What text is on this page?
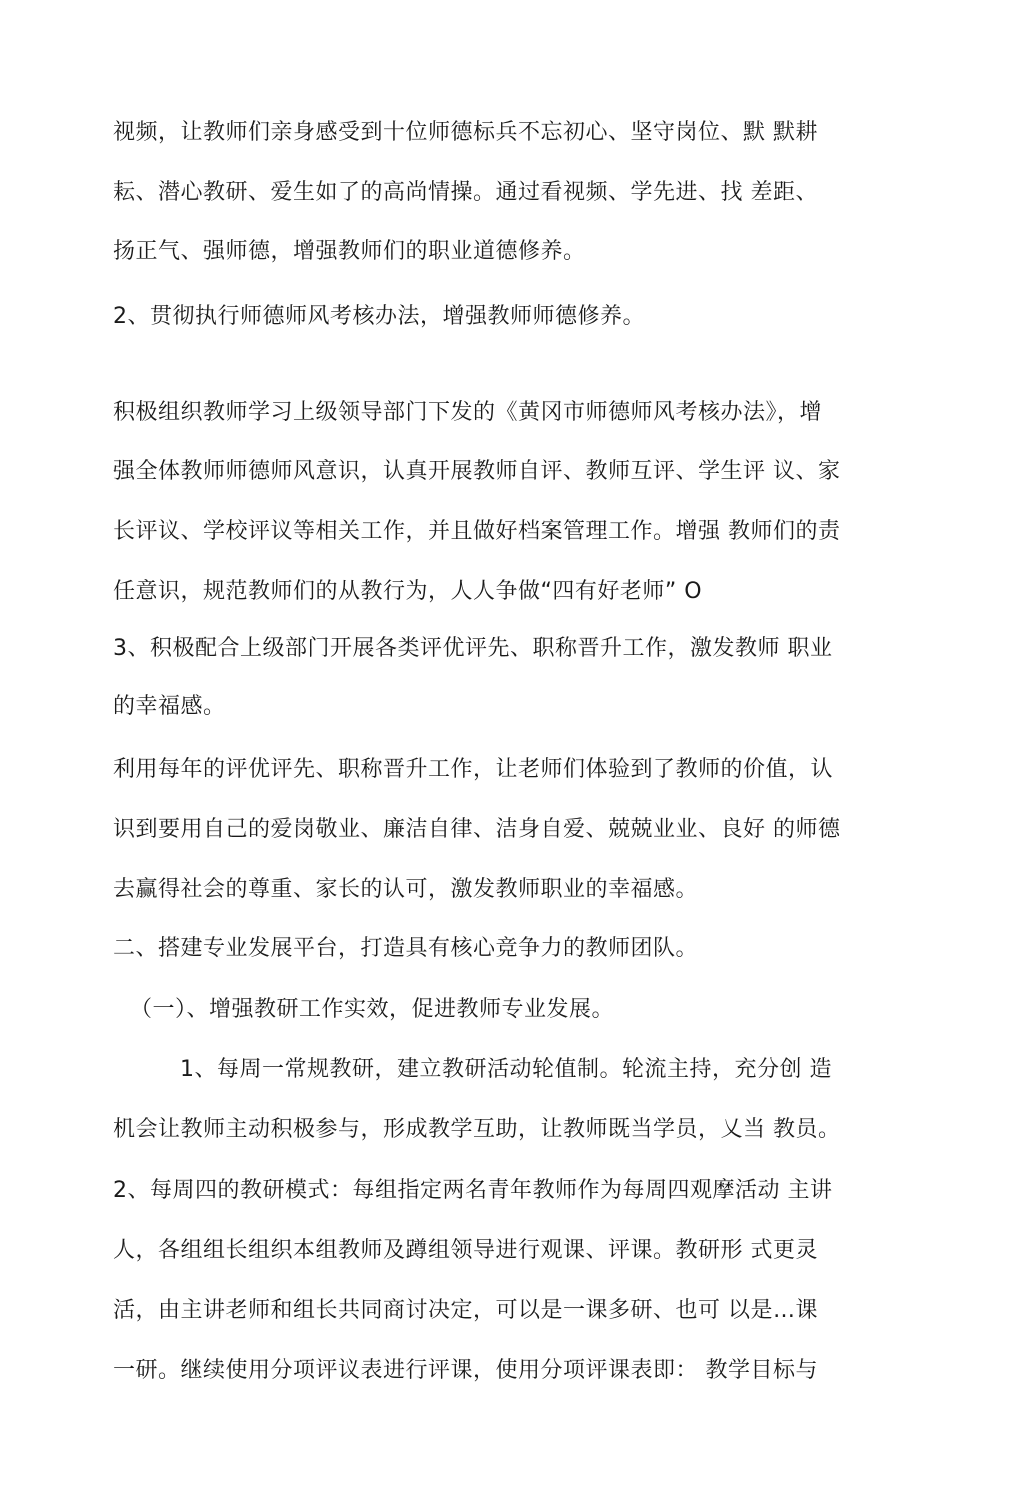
视频，让教师们亲身感受到十位师德标兵不忘初心、坚守岗位、默 默耕
耘、潜心教研、爱生如了的高尚情操。通过看视频、学先进、找 差距、
扬正气、强师德，增强教师们的职业道德修养。
2、贯彻执行师德师风考核办法，增强教师师德修养。
积极组织教师学习上级领导部门下发的《黄冈市师德师风考核办法》，增
强全体教师师德师风意识，认真开展教师自评、教师互评、学生评 议、家
长评议、学校评议等相关工作，并且做好档案管理工作。增强 教师们的责
任意识，规范教师们的从教行为，人人争做“四有好老师” O
3、积极配合上级部门开展各类评优评先、职称晋升工作，激发教师 职业
的幸福感。
利用每年的评优评先、职称晋升工作，让老师们体验到了教师的价值，认
识到要用自己的爱岗敬业、廉洁自律、洁身自爱、兢兢业业、良好 的师德
去赢得社会的尊重、家长的认可，激发教师职业的幸福感。
二、搭建专业发展平台，打造具有核心竞争力的教师团队。
（一）、增强教研工作实效，促进教师专业发展。
1、每周一常规教研，建立教研活动轮值制。轮流主持，充分创 造
机会让教师主动积极参与，形成教学互助，让教师既当学员，乂当 教员。
2、每周四的教研模式：每组指定两名青年教师作为每周四观摩活动 主讲
人，各组组长组织本组教师及蹲组领导进行观课、评课。教研形 式更灵
活，由主讲老师和组长共同商讨决定，可以是一课多研、也可 以是…课
一研。继续使用分项评议表进行评课，使用分项评课表即： 教学目标与
